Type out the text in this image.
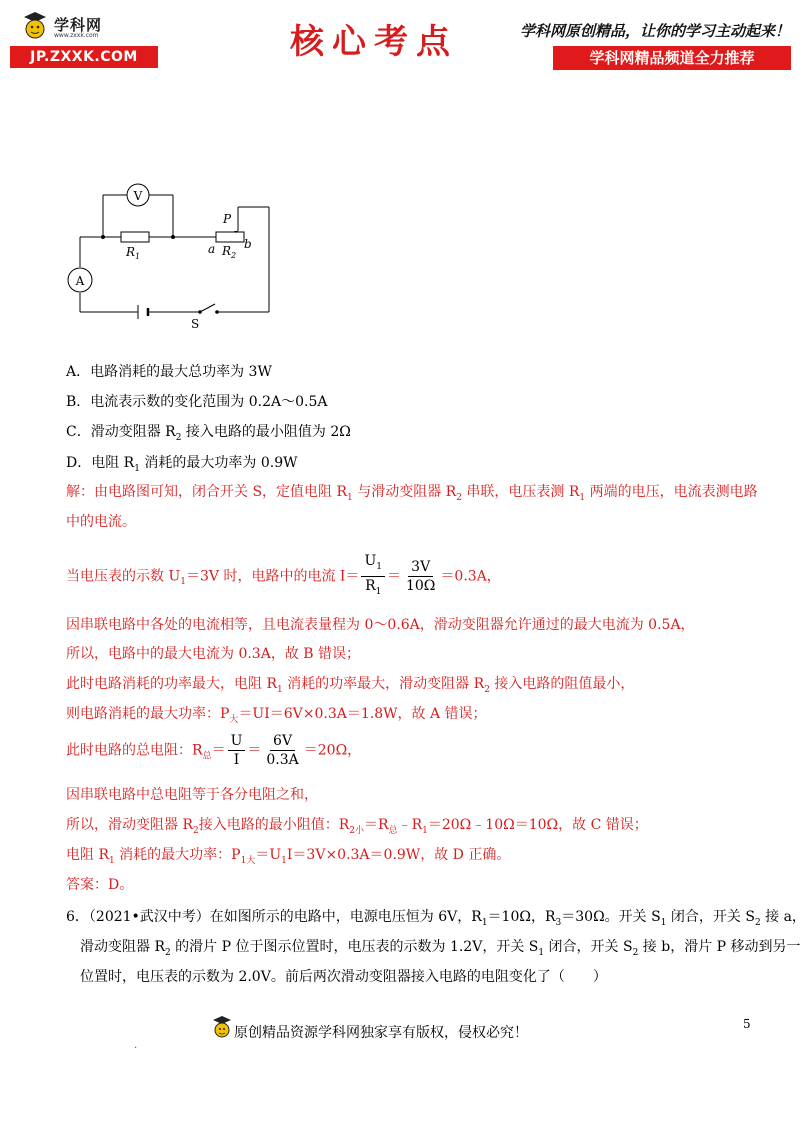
学科网
www.zxxk.com
JP.ZXXK.COM	核心考点	学科网原创精品，让你的学习主动起来！
学科网精品频道全力推荐
V
A
$R_1$
P
a b
$R_2$
S
A．电路消耗的最大总功率为 3W
B．电流表示数的变化范围为 0.2A～0.5A
C．滑动变阻器 $R_2$ 接入电路的最小阻值为 2Ω
D．电阻 $R_1$ 消耗的最大功率为 0.9W
解：由电路图可知，闭合开关 S，定值电阻 $R_1$ 与滑动变阻器 $R_2$ 串联，电压表测 $R_1$ 两端的电压，电流表测电路
中的电流。
当电压表的示数 $U_1=3V$ 时，电路中的电流 $I= \frac{U_1}{R_1} = \frac{3V}{10\Omega} =0.3A$，
因串联电路中各处的电流相等，且电流表量程为 0～0.6A，滑动变阻器允许通过的最大电流为 0.5A，
所以，电路中的最大电流为 0.3A，故 B 错误；
此时电路消耗的功率最大，电阻 $R_1$ 消耗的功率最大，滑动变阻器 $R_2$ 接入电路的阻值最小，
则电路消耗的最大功率：$P_大=UI=6V\times 0.3A=1.8W$，故 A 错误；
此时电路的总电阻：$R_总= \frac{U}{I} = \frac{6V}{0.3A} =20\Omega$，
因串联电路中总电阻等于各分电阻之和，
所以，滑动变阻器 $R_2$接入电路的最小阻值：$R_{2小}=R_总﹣R_1=20\Omega﹣10\Omega=10\Omega$，故 C 错误；
电阻 $R_1$ 消耗的最大功率：$P_{1大}=U_1I=3V\times 0.3A=0.9W$，故 D 正确。
答案：D。
6．（2021•武汉中考）在如图所示的电路中，电源电压恒为 6V，$R_1=10\Omega$，$R_3=30\Omega$。开关 $S_1$ 闭合，开关 $S_2$ 接 a，
滑动变阻器 $R_2$ 的滑片 P 位于图示位置时，电压表的示数为 1.2V，开关 $S_1$ 闭合，开关 $S_2$ 接 b，滑片 P 移动到另一
位置时，电压表的示数为 2.0V。前后两次滑动变阻器接入电路的电阻变化了（　　）
5
原创精品资源学科网独家享有版权，侵权必究！
.
